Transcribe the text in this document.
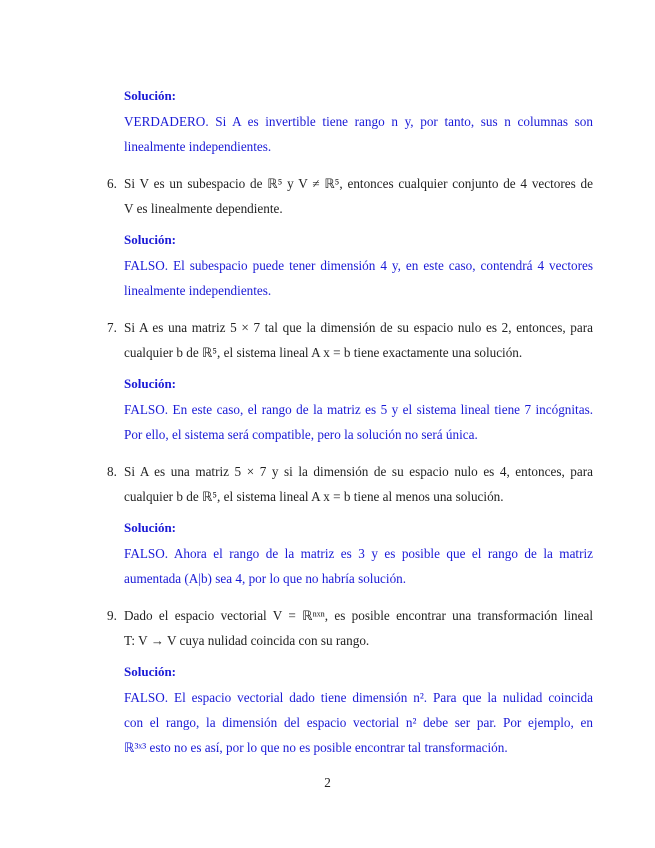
Solución:
VERDADERO. Si A es invertible tiene rango n y, por tanto, sus n columnas son
linealmente independientes.
6. Si V es un subespacio de ℝ⁵ y V ≠ ℝ⁵, entonces cualquier conjunto de 4 vectores de
V es linealmente dependiente.
Solución:
FALSO. El subespacio puede tener dimensión 4 y, en este caso, contendrá 4 vectores
linealmente independientes.
7. Si A es una matriz 5 × 7 tal que la dimensión de su espacio nulo es 2, entonces, para
cualquier b de ℝ⁵, el sistema lineal A x = b tiene exactamente una solución.
Solución:
FALSO. En este caso, el rango de la matriz es 5 y el sistema lineal tiene 7 incógnitas.
Por ello, el sistema será compatible, pero la solución no será única.
8. Si A es una matriz 5 × 7 y si la dimensión de su espacio nulo es 4, entonces, para
cualquier b de ℝ⁵, el sistema lineal A x = b tiene al menos una solución.
Solución:
FALSO. Ahora el rango de la matriz es 3 y es posible que el rango de la matriz
aumentada (A|b) sea 4, por lo que no habría solución.
9. Dado el espacio vectorial V = ℝⁿˣⁿ, es posible encontrar una transformación lineal
T: V → V cuya nulidad coincida con su rango.
Solución:
FALSO. El espacio vectorial dado tiene dimensión n². Para que la nulidad coincida
con el rango, la dimensión del espacio vectorial n² debe ser par. Por ejemplo, en
ℝ³ˣ³ esto no es así, por lo que no es posible encontrar tal transformación.
2
